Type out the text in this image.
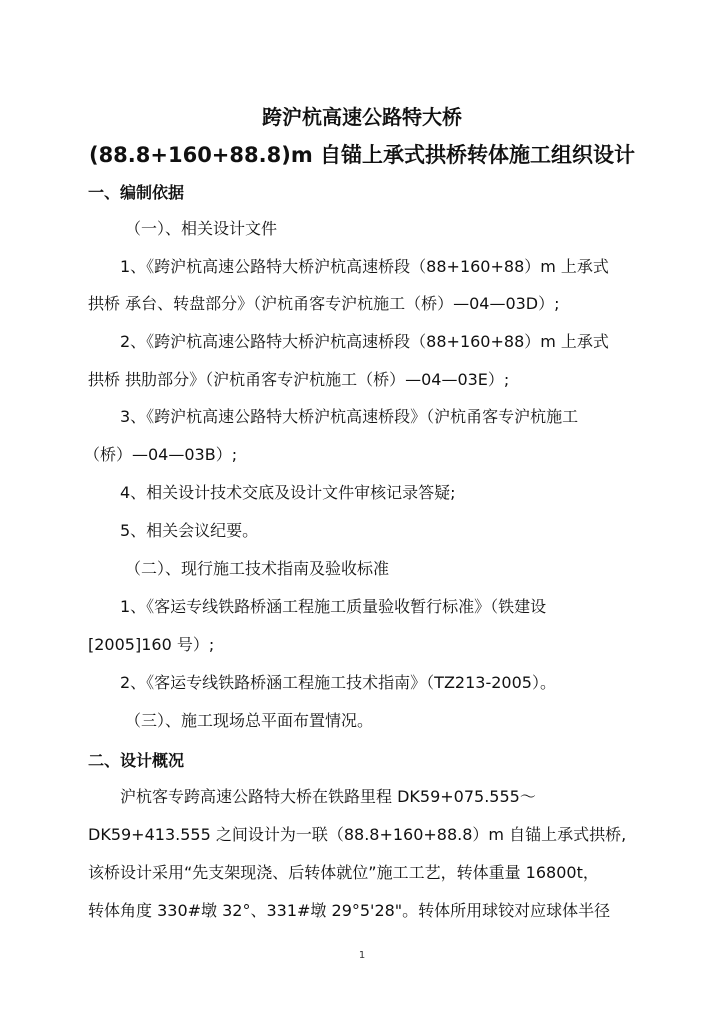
跨沪杭高速公路特大桥
(88.8+160+88.8)m 自锚上承式拱桥转体施工组织设计
一、编制依据
（一）、相关设计文件
1、《跨沪杭高速公路特大桥沪杭高速桥段（88+160+88）m 上承式
拱桥 承台、转盘部分》（沪杭甬客专沪杭施工（桥）—04—03D）;
2、《跨沪杭高速公路特大桥沪杭高速桥段（88+160+88）m 上承式
拱桥 拱肋部分》（沪杭甬客专沪杭施工（桥）—04—03E）;
3、《跨沪杭高速公路特大桥沪杭高速桥段》（沪杭甬客专沪杭施工
（桥）—04—03B）;
4、相关设计技术交底及设计文件审核记录答疑;
5、相关会议纪要。
（二）、现行施工技术指南及验收标准
1、《客运专线铁路桥涵工程施工质量验收暂行标准》（铁建设
[2005]160 号）;
2、《客运专线铁路桥涵工程施工技术指南》（TZ213-2005）。
（三）、施工现场总平面布置情况。
二、设计概况
沪杭客专跨高速公路特大桥在铁路里程 DK59+075.555～
DK59+413.555 之间设计为一联（88.8+160+88.8）m 自锚上承式拱桥,
该桥设计采用“先支架现浇、后转体就位”施工工艺，转体重量 16800t，
转体角度 330#墩 32°、331#墩 29°5'28"。转体所用球铰对应球体半径
1
